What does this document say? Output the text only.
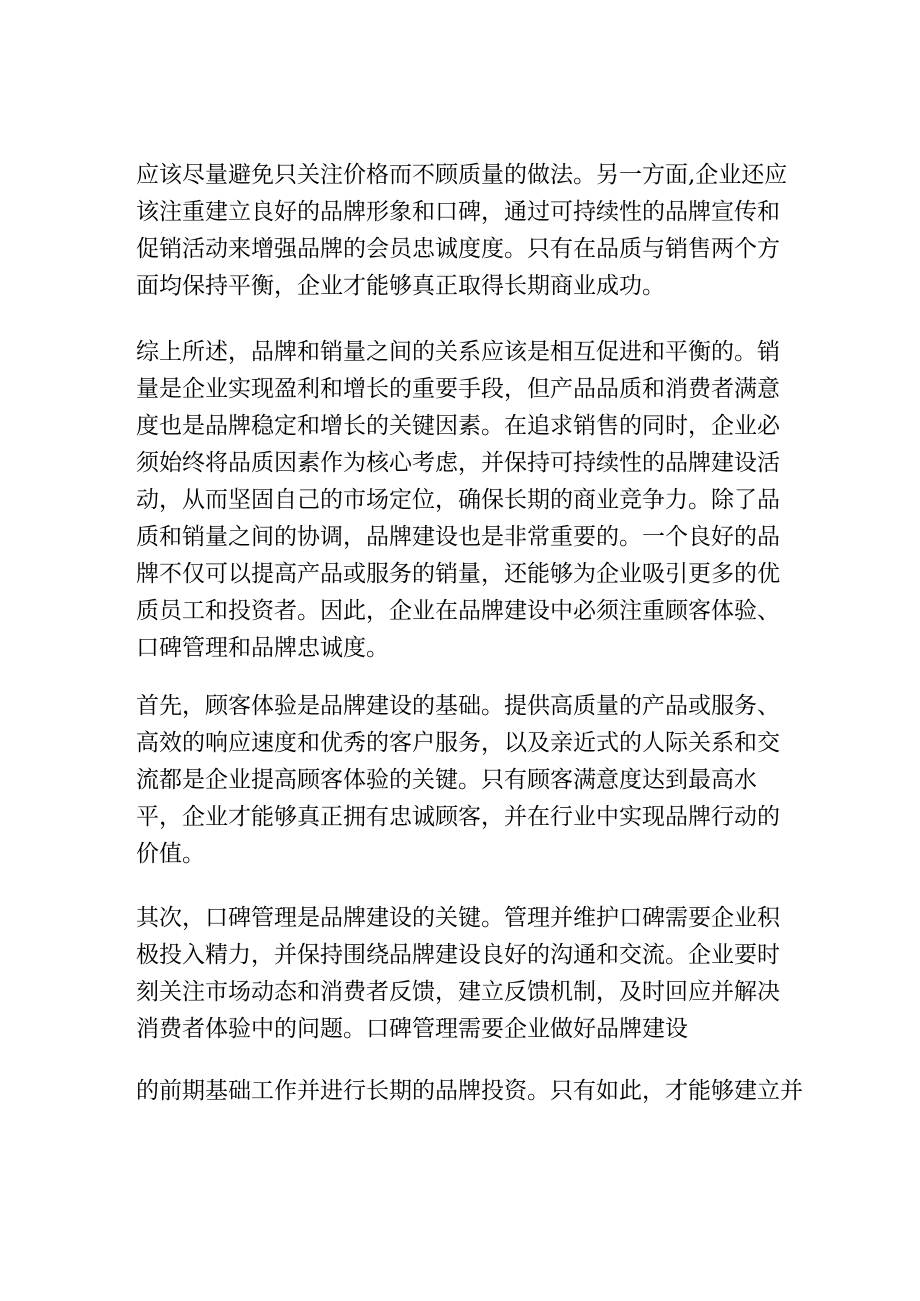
应该尽量避免只关注价格而不顾质量的做法。另一方面,企业还应
该注重建立良好的品牌形象和口碑，通过可持续性的品牌宣传和
促销活动来增强品牌的会员忠诚度度。只有在品质与销售两个方
面均保持平衡，企业才能够真正取得长期商业成功。
综上所述，品牌和销量之间的关系应该是相互促进和平衡的。销
量是企业实现盈利和增长的重要手段，但产品品质和消费者满意
度也是品牌稳定和增长的关键因素。在追求销售的同时，企业必
须始终将品质因素作为核心考虑，并保持可持续性的品牌建设活
动，从而坚固自己的市场定位，确保长期的商业竞争力。除了品
质和销量之间的协调，品牌建设也是非常重要的。一个良好的品
牌不仅可以提高产品或服务的销量，还能够为企业吸引更多的优
质员工和投资者。因此，企业在品牌建设中必须注重顾客体验、
口碑管理和品牌忠诚度。
首先，顾客体验是品牌建设的基础。提供高质量的产品或服务、
高效的响应速度和优秀的客户服务，以及亲近式的人际关系和交
流都是企业提高顾客体验的关键。只有顾客满意度达到最高水
平，企业才能够真正拥有忠诚顾客，并在行业中实现品牌行动的
价值。
其次，口碑管理是品牌建设的关键。管理并维护口碑需要企业积
极投入精力，并保持围绕品牌建设良好的沟通和交流。企业要时
刻关注市场动态和消费者反馈，建立反馈机制，及时回应并解决
消费者体验中的问题。口碑管理需要企业做好品牌建设
的前期基础工作并进行长期的品牌投资。只有如此，才能够建立并
